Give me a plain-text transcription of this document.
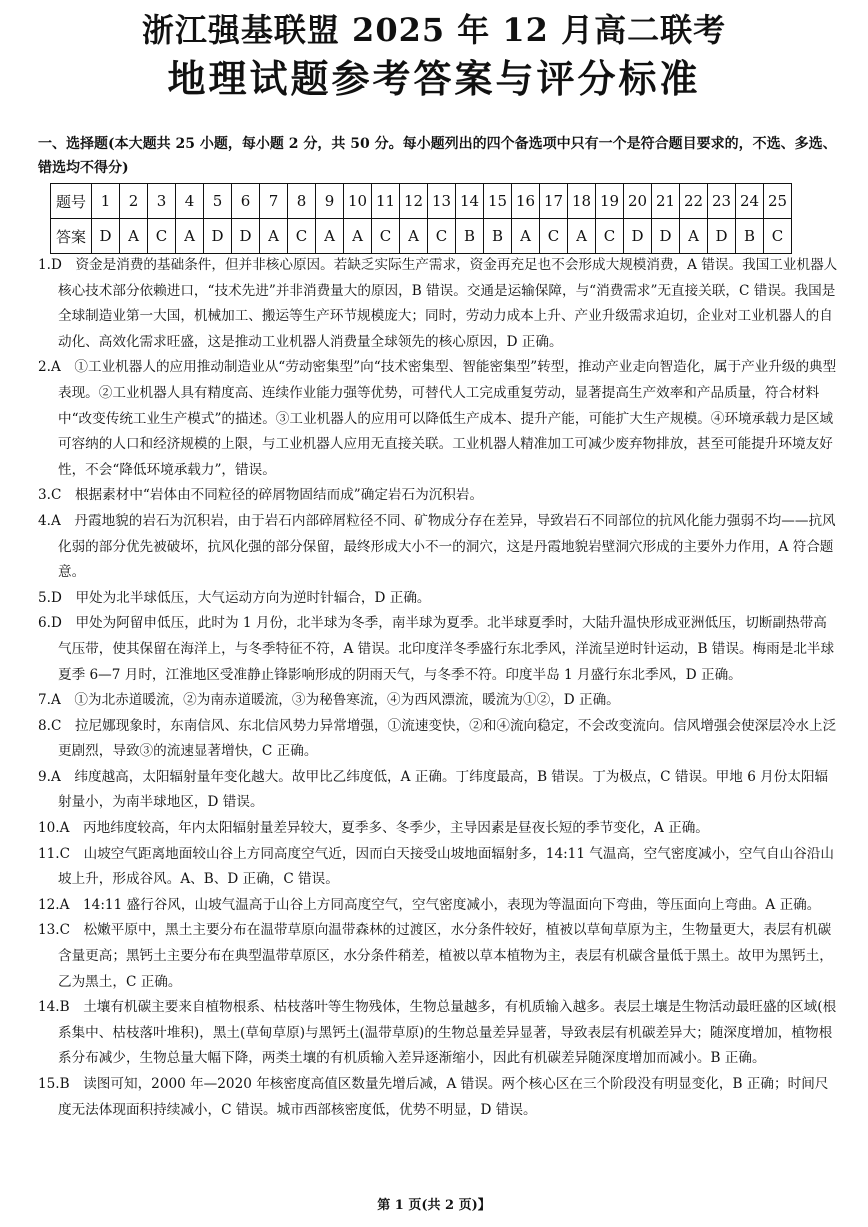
浙江强基联盟 2025 年 12 月高二联考
地理试题参考答案与评分标准
一、选择题(本大题共 25 小题，每小题 2 分，共 50 分。每小题列出的四个备选项中只有一个是符合题目要求的，不选、多选、错选均不得分)
题号	1	2	3	4	5	6	7	8	9	10	11	12	13	14	15	16	17	18	19	20	21	22	23	24	25
答案	D	A	C	A	D	D	A	C	A	A	C	A	C	B	B	A	C	A	C	D	D	A	D	B	C

1.D　 资金是消费的基础条件，但并非核心原因。若缺乏实际生产需求，资金再充足也不会形成大规模消费，A 错误。我国工业机器人核心技术部分依赖进口，“技术先进”并非消费量大的原因，B 错误。交通是运输保障，与“消费需求”无直接关联，C 错误。我国是全球制造业第一大国，机械加工、搬运等生产环节规模庞大；同时，劳动力成本上升、产业升级需求迫切，企业对工业机器人的自动化、高效化需求旺盛，这是推动工业机器人消费量全球领先的核心原因，D 正确。

2.A　 ①工业机器人的应用推动制造业从“劳动密集型”向“技术密集型、智能密集型”转型，推动产业走向智造化，属于产业升级的典型表现。②工业机器人具有精度高、连续作业能力强等优势，可替代人工完成重复劳动，显著提高生产效率和产品质量，符合材料中“改变传统工业生产模式”的描述。③工业机器人的应用可以降低生产成本、提升产能，可能扩大生产规模。④环境承载力是区域可容纳的人口和经济规模的上限，与工业机器人应用无直接关联。工业机器人精准加工可减少废弃物排放，甚至可能提升环境友好性，不会“降低环境承载力”，错误。

3.C　 根据素材中“岩体由不同粒径的碎屑物固结而成”确定岩石为沉积岩。

4.A　 丹霞地貌的岩石为沉积岩，由于岩石内部碎屑粒径不同、矿物成分存在差异，导致岩石不同部位的抗风化能力强弱不均——抗风化弱的部分优先被破坏，抗风化强的部分保留，最终形成大小不一的洞穴，这是丹霞地貌岩壁洞穴形成的主要外力作用，A 符合题意。

5.D　 甲处为北半球低压，大气运动方向为逆时针辐合，D 正确。

6.D　 甲处为阿留申低压，此时为 1 月份，北半球为冬季，南半球为夏季。北半球夏季时，大陆升温快形成亚洲低压，切断副热带高气压带，使其保留在海洋上，与冬季特征不符，A 错误。北印度洋冬季盛行东北季风，洋流呈逆时针运动，B 错误。梅雨是北半球夏季 6—7 月时，江淮地区受准静止锋影响形成的阴雨天气，与冬季不符。印度半岛 1 月盛行东北季风，D 正确。

7.A　 ①为北赤道暖流，②为南赤道暖流，③为秘鲁寒流，④为西风漂流，暖流为①②，D 正确。

8.C　 拉尼娜现象时，东南信风、东北信风势力异常增强，①流速变快，②和④流向稳定，不会改变流向。信风增强会使深层冷水上泛更剧烈，导致③的流速显著增快，C 正确。

9.A　 纬度越高，太阳辐射量年变化越大。故甲比乙纬度低，A 正确。丁纬度最高，B 错误。丁为极点，C 错误。甲地 6 月份太阳辐射量小，为南半球地区，D 错误。

10.A　 丙地纬度较高，年内太阳辐射量差异较大，夏季多、冬季少，主导因素是昼夜长短的季节变化，A 正确。

11.C　 山坡空气距离地面较山谷上方同高度空气近，因而白天接受山坡地面辐射多，14:11 气温高，空气密度减小，空气自山谷沿山坡上升，形成谷风。A、B、D 正确，C 错误。

12.A　 14:11 盛行谷风，山坡气温高于山谷上方同高度空气，空气密度减小，表现为等温面向下弯曲，等压面向上弯曲。A 正确。

13.C　 松嫩平原中，黑土主要分布在温带草原向温带森林的过渡区，水分条件较好，植被以草甸草原为主，生物量更大，表层有机碳含量更高；黑钙土主要分布在典型温带草原区，水分条件稍差，植被以草本植物为主，表层有机碳含量低于黑土。故甲为黑钙土，乙为黑土，C 正确。

14.B　 土壤有机碳主要来自植物根系、枯枝落叶等生物残体，生物总量越多，有机质输入越多。表层土壤是生物活动最旺盛的区域(根系集中、枯枝落叶堆积)，黑土(草甸草原)与黑钙土(温带草原)的生物总量差异显著，导致表层有机碳差异大；随深度增加，植物根系分布减少，生物总量大幅下降，两类土壤的有机质输入差异逐渐缩小，因此有机碳差异随深度增加而减小。B 正确。

15.B　 读图可知，2000 年—2020 年核密度高值区数量先增后减，A 错误。两个核心区在三个阶段没有明显变化，B 正确；时间尺度无法体现面积持续减小，C 错误。城市西部核密度低，优势不明显，D 错误。

第 1 页(共 2 页)】
